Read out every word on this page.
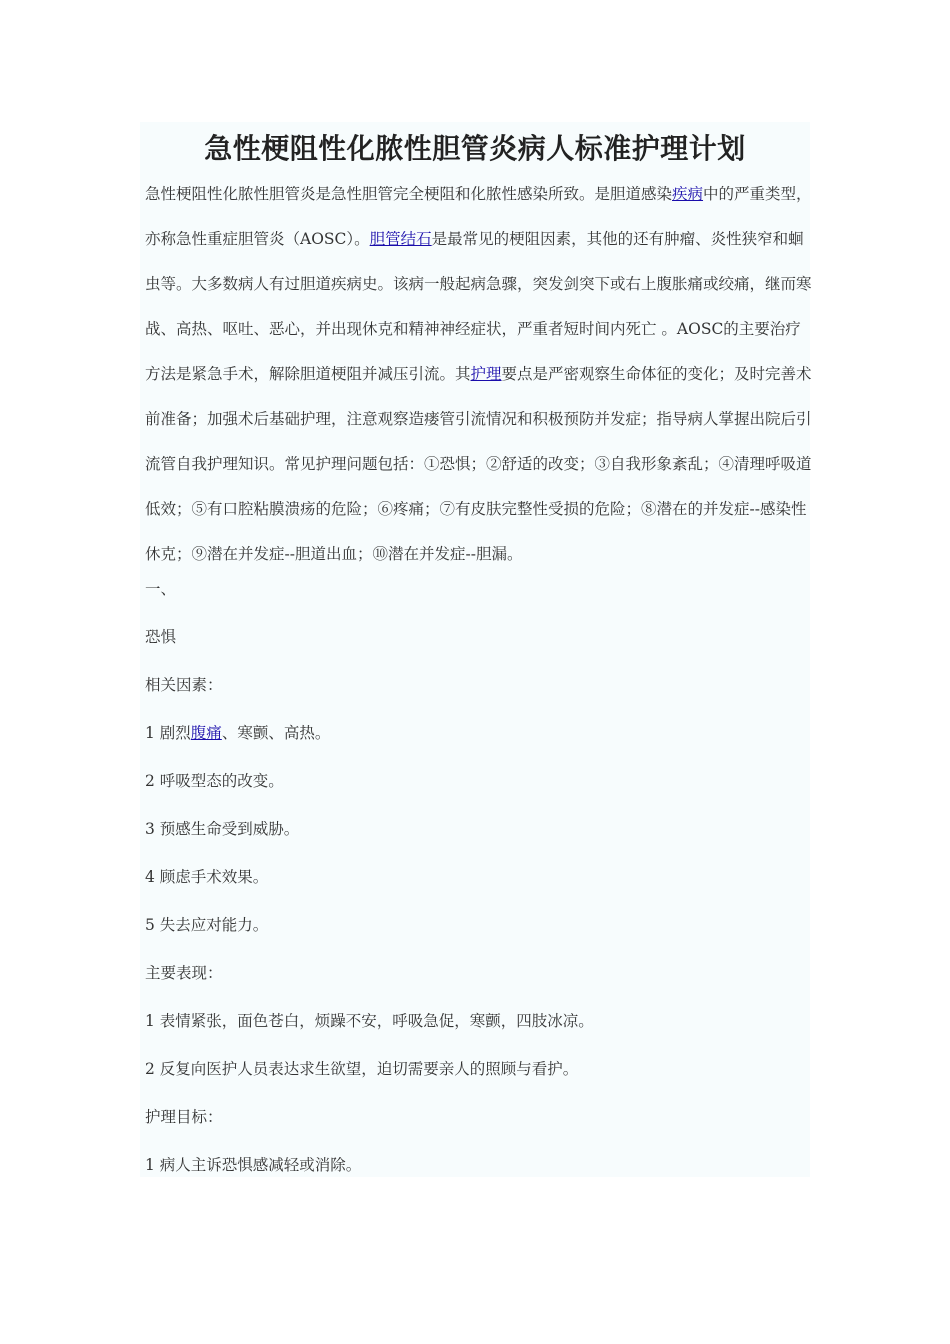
急性梗阻性化脓性胆管炎病人标准护理计划

急性梗阻性化脓性胆管炎是急性胆管完全梗阻和化脓性感染所致。是胆道感染疾病中的严重类型，亦称急性重症胆管炎（AOSC）。胆管结石是最常见的梗阻因素，其他的还有肿瘤、炎性狭窄和蛔虫等。大多数病人有过胆道疾病史。该病一般起病急骤，突发剑突下或右上腹胀痛或绞痛，继而寒战、高热、呕吐、恶心，并出现休克和精神神经症状，严重者短时间内死亡 。AOSC的主要治疗方法是紧急手术，解除胆道梗阻并减压引流。其护理要点是严密观察生命体征的变化；及时完善术前准备；加强术后基础护理，注意观察造瘘管引流情况和积极预防并发症；指导病人掌握出院后引流管自我护理知识。常见护理问题包括：①恐惧；②舒适的改变；③自我形象紊乱；④清理呼吸道低效；⑤有口腔粘膜溃疡的危险；⑥疼痛；⑦有皮肤完整性受损的危险；⑧潜在的并发症--感染性休克；⑨潜在并发症--胆道出血；⑩潜在并发症--胆漏。

一、

恐惧

相关因素：

1 剧烈腹痛、寒颤、高热。

2 呼吸型态的改变。

3 预感生命受到威胁。

4 顾虑手术效果。

5 失去应对能力。

主要表现：

1 表情紧张，面色苍白，烦躁不安，呼吸急促，寒颤，四肢冰凉。

2 反复向医护人员表达求生欲望，迫切需要亲人的照顾与看护。

护理目标：

1 病人主诉恐惧感减轻或消除。
